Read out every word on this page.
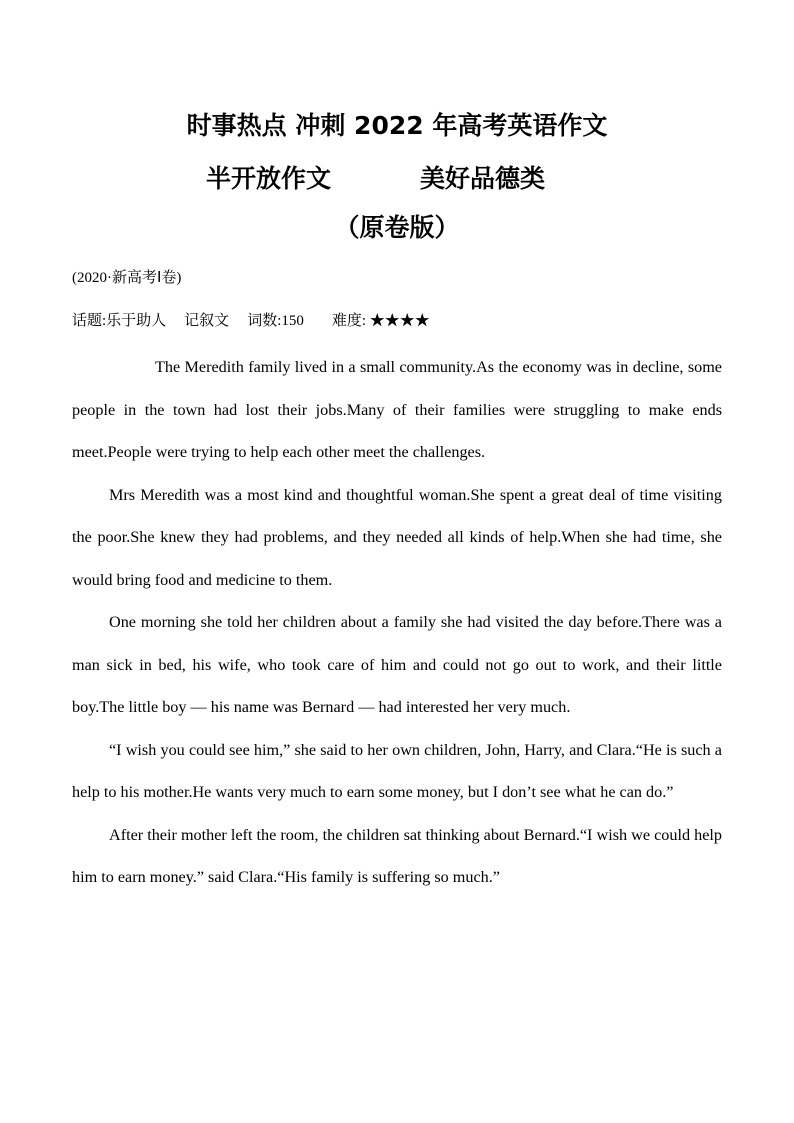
时事热点 冲刺 2022 年高考英语作文
半开放作文	美好品德类
（原卷版）
(2020·新高考Ⅰ卷)
话题:乐于助人 记叙文 词数:150 难度: ★★★★

The Meredith family lived in a small community.As the economy was in decline, some people in the town had lost their jobs.Many of their families were struggling to make ends meet.People were trying to help each other meet the challenges.

Mrs Meredith was a most kind and thoughtful woman.She spent a great deal of time visiting the poor.She knew they had problems, and they needed all kinds of help.When she had time, she would bring food and medicine to them.

One morning she told her children about a family she had visited the day before.There was a man sick in bed, his wife, who took care of him and could not go out to work, and their little boy.The little boy — his name was Bernard — had interested her very much.

“I wish you could see him,” she said to her own children, John, Harry, and Clara.“He is such a help to his mother.He wants very much to earn some money, but I don’t see what he can do.”

After their mother left the room, the children sat thinking about Bernard.“I wish we could help him to earn money.” said Clara.“His family is suffering so much.”
